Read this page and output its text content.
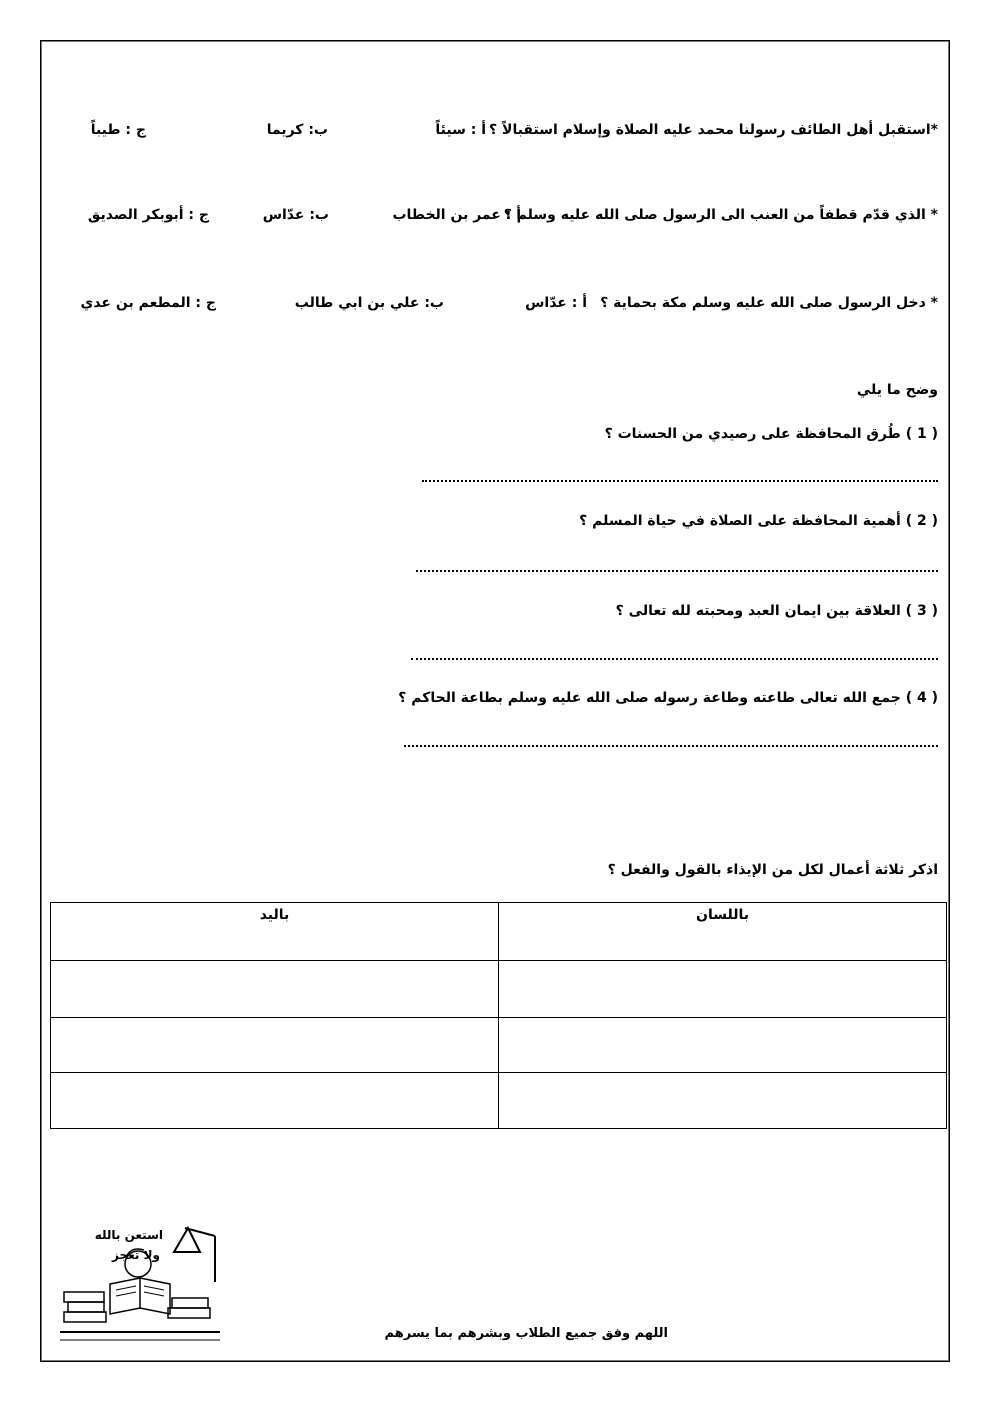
*استقبل أهل الطائف رسولنا محمد عليه الصلاة وإسلام استقبالاً ؟
أ : سيئاً
ب: كريما
ج : طيباً
* الذي قدّم قطفاً من العنب الى الرسول صلى الله عليه وسلم ؟
أ : عمر بن الخطاب
ب: عدّاس
ج : أبوبكر الصديق
* دخل الرسول صلى الله عليه وسلم مكة بحماية ؟
أ : عدّاس
ب: علي بن ابي طالب
ج : المطعم بن عدي
وضح ما يلي
( 1 ) طُرق المحافظة على رصيدي من الحسنات ؟
( 2 ) أهمية المحافظة على الصلاة في حياة المسلم ؟
( 3 ) العلاقة بين ايمان العبد ومحبته لله تعالى ؟
( 4 ) جمع الله تعالى طاعته وطاعة رسوله صلى الله عليه وسلم بطاعة الحاكم ؟
اذكر ثلاثة أعمال لكل من الإيذاء بالقول والفعل ؟
باليد	باللسان

استعن بالله
ولا تعجز
اللهم وفق جميع الطلاب وبشرهم بما يسرهم
